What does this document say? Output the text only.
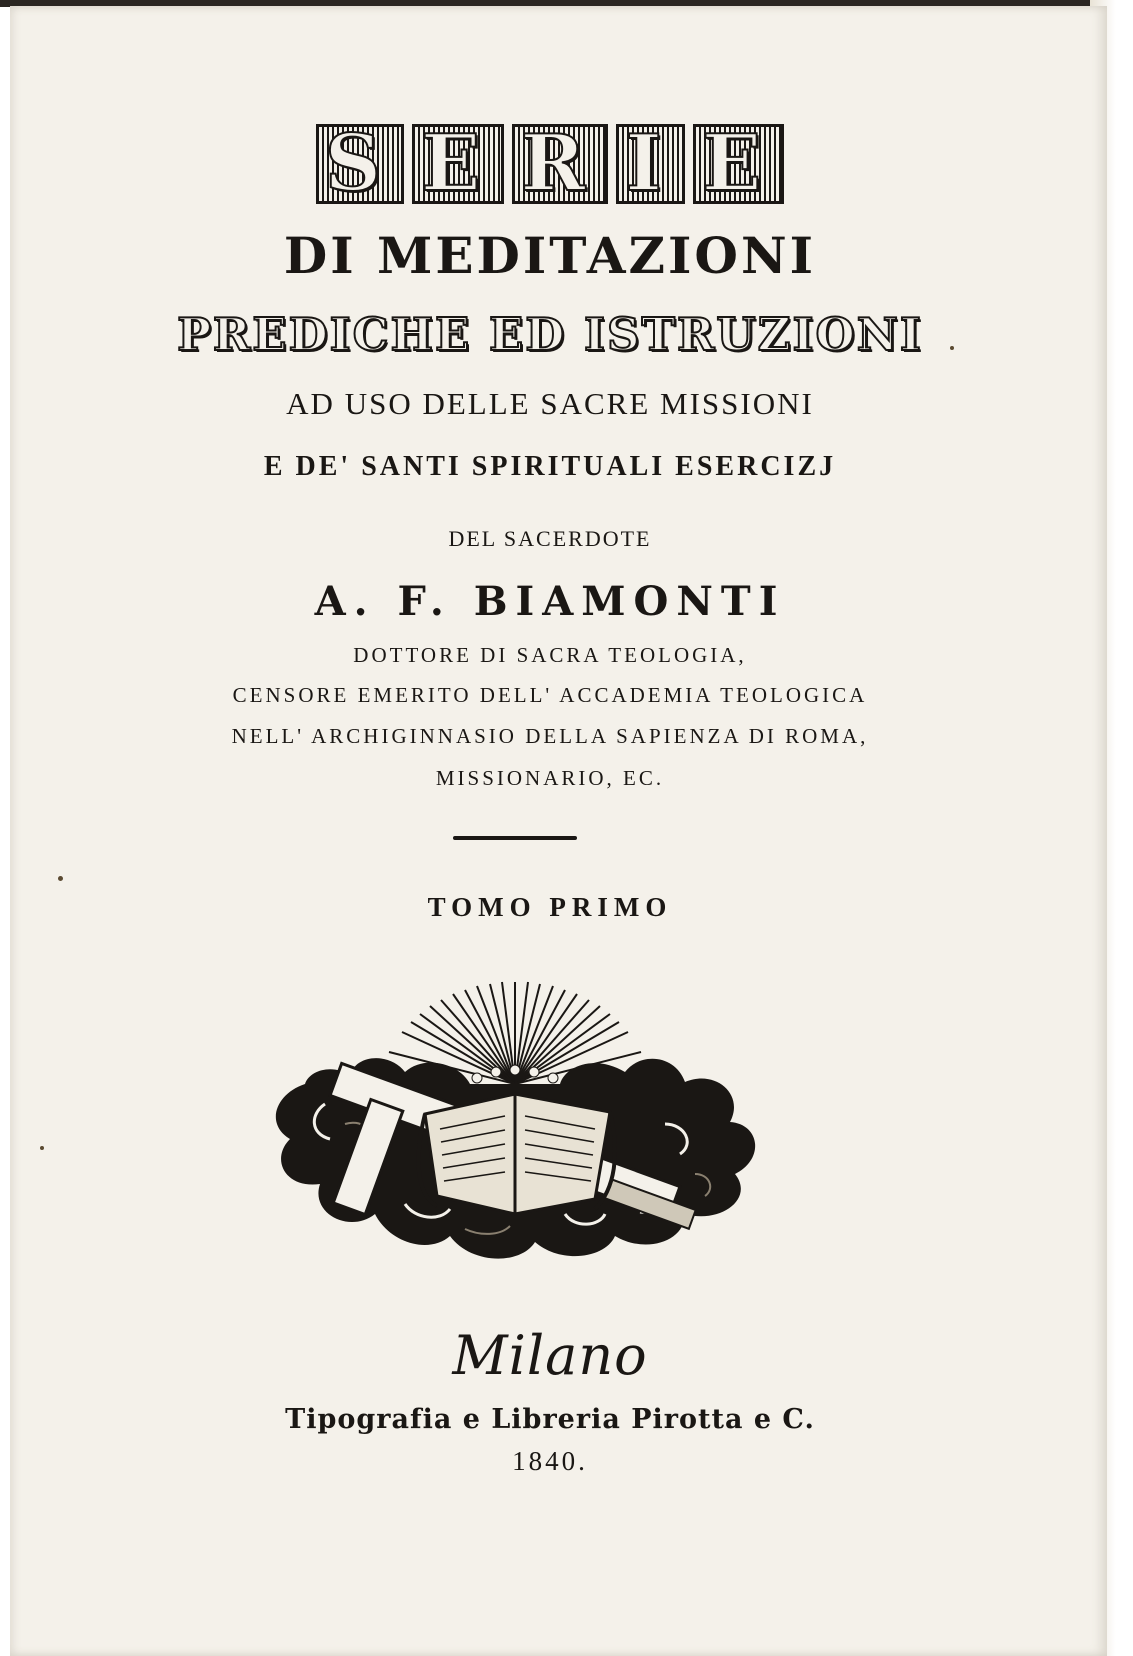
S E R I E
DI MEDITAZIONI
PREDICHE ED ISTRUZIONI
AD USO DELLE SACRE MISSIONI
E DE' SANTI SPIRITUALI ESERCIZJ
DEL SACERDOTE
A. F. BIAMONTI
DOTTORE DI SACRA TEOLOGIA,
CENSORE EMERITO DELL' ACCADEMIA TEOLOGICA
NELL' ARCHIGINNASIO DELLA SAPIENZA DI ROMA,
MISSIONARIO, EC.
TOMO PRIMO
Milano
Tipografia e Libreria Pirotta e C.
1840.
